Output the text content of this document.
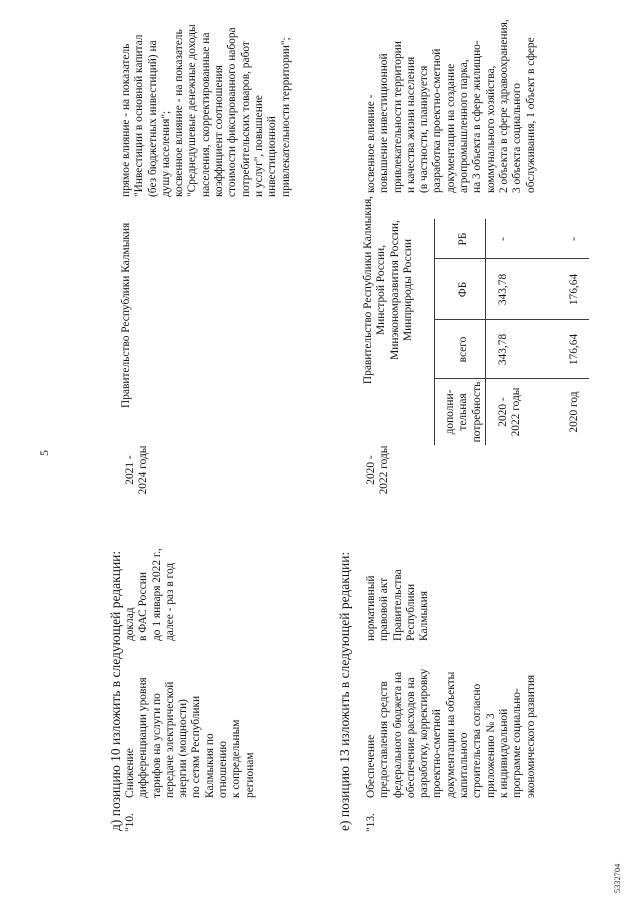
д) позицию 10 изложить в следующей редакции: "10.
Снижение
дифференциации уровня
тарифов на услуги по
передаче электрической
энергии (мощности)
по сетям Республики
Калмыкия по
отношению
к сопредельным
регионам
доклад
в ФАС России
до 1 января 2022 г.,
далее - раз в год
2021 -
2024 годы
Правительство Республики Калмыкия
прямое влияние - на показатель
"Инвестиции в основной капитал
(без бюджетных инвестиций) на
душу населения";
косвенное влияние - на показатель
"Среднедушевые денежные доходы
населения, скорректированные на
коэффициент соотношения
стоимости фиксированного набора
потребительских товаров, работ
и услуг", повышение
инвестиционной
привлекательности территории";
е) позицию 13 изложить в следующей редакции: "13.
Обеспечение
предоставления средств
федерального бюджета на
обеспечение расходов на
разработку, корректировку
проектно-сметной
документации на объекты
капитального
строительства согласно
приложению № 3
к индивидуальной
программе социально-
экономического развития
нормативный
правовой акт
Правительства
Республики
Калмыкия
2020 -
2022 годы
Правительство Республики Калмыкия,
Минстрой России,
Минэкономразвития России,
Минприроды России
дополни-
тельная
потребность
всего
ФБ
РБ
2020 -
2022 годы
343,78
343,78
-
2020 год
176,64
176,64
-
косвенное влияние -
повышение инвестиционной
привлекательности территории
и качества жизни населения
(в частности, планируется
разработка проектно-сметной
документации на создание
агропромышленного парка,
на 3 объекта в сфере жилищно-
коммунального хозяйства,
2 объекта в сфере здравоохранения,
3 объекта социального
обслуживания, 1 объект в сфере
5
5332704
